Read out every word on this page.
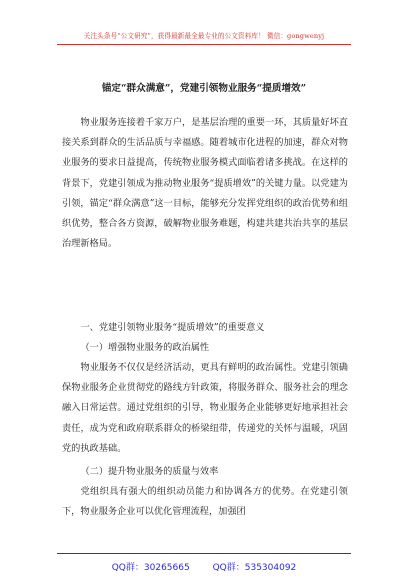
关注头条号“公文研究”，获得最新最全最专业的公文资料库！ 微信：gongwenyj
锚定“群众满意”，党建引领物业服务“提质增效”

物业服务连接着千家万户，是基层治理的重要一环，其质量好坏直接关系到群众的生活品质与幸福感。随着城市化进程的加速，群众对物业服务的要求日益提高，传统物业服务模式面临着诸多挑战。在这样的背景下，党建引领成为推动物业服务“提质增效”的关键力量。以党建为引领，锚定“群众满意”这一目标，能够充分发挥党组织的政治优势和组织优势，整合各方资源，破解物业服务难题，构建共建共治共享的基层治理新格局。

一、党建引领物业服务“提质增效”的重要意义

（一）增强物业服务的政治属性

物业服务不仅仅是经济活动，更具有鲜明的政治属性。党建引领确保物业服务企业贯彻党的路线方针政策，将服务群众、服务社会的理念融入日常运营。通过党组织的引导，物业服务企业能够更好地承担社会责任，成为党和政府联系群众的桥梁纽带，传递党的关怀与温暖，巩固党的执政基础。

（二）提升物业服务的质量与效率

党组织具有强大的组织动员能力和协调各方的优势。在党建引领下，物业服务企业可以优化管理流程，加强团

QQ群：30265665	QQ群：535304092
